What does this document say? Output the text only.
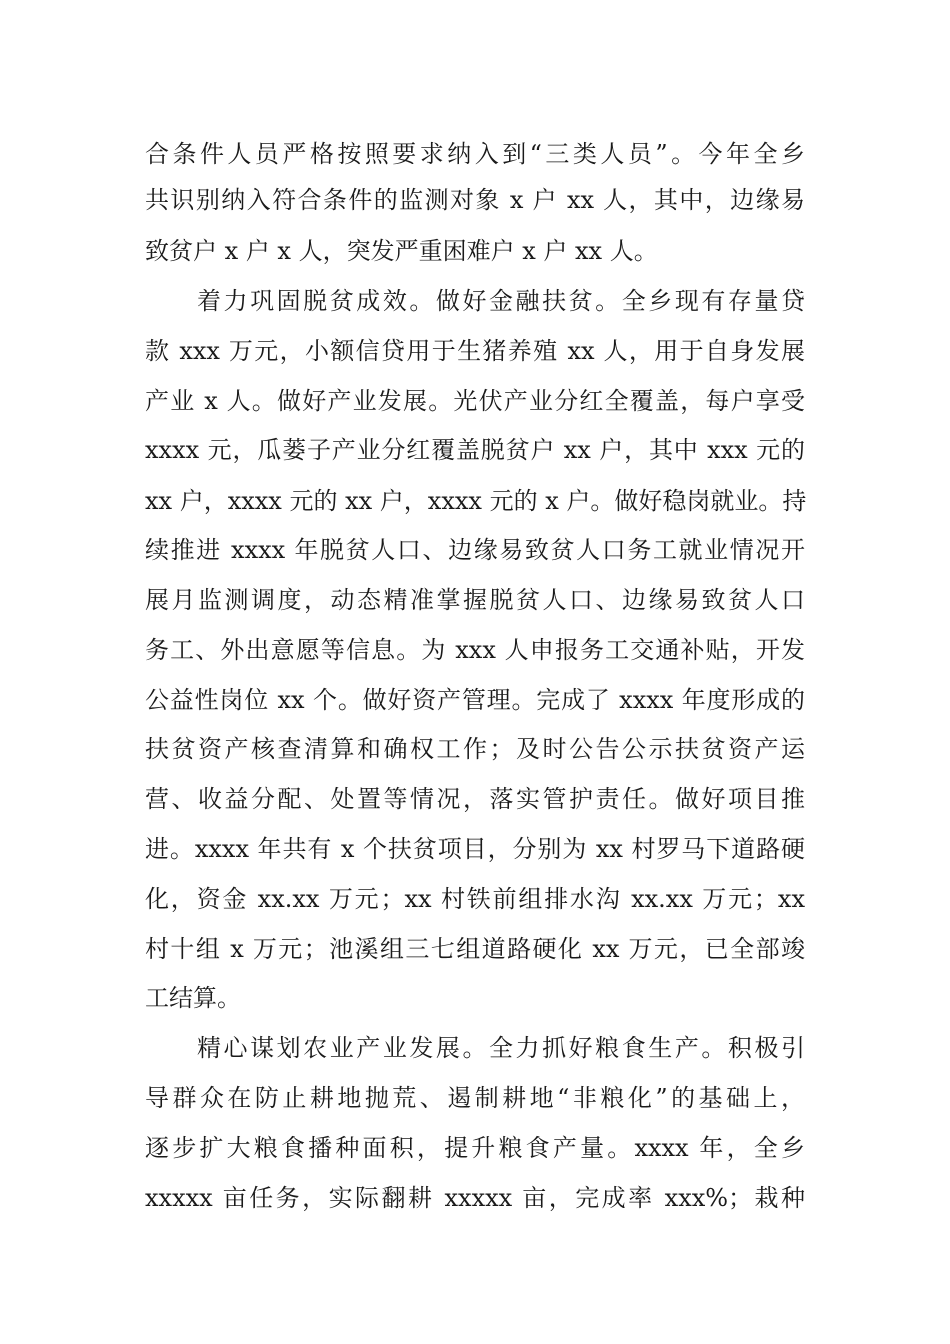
合条件人员严格按照要求纳入到“三类人员”。今年全乡
共识别纳入符合条件的监测对象 x 户 xx 人，其中，边缘易
致贫户 x 户 x 人，突发严重困难户 x 户 xx 人。
着力巩固脱贫成效。做好金融扶贫。全乡现有存量贷
款 xxx 万元，小额信贷用于生猪养殖 xx 人，用于自身发展
产业 x 人。做好产业发展。光伏产业分红全覆盖，每户享受
xxxx 元，瓜蒌子产业分红覆盖脱贫户 xx 户，其中 xxx 元的
xx 户，xxxx 元的 xx 户，xxxx 元的 x 户。做好稳岗就业。持
续推进 xxxx 年脱贫人口、边缘易致贫人口务工就业情况开
展月监测调度，动态精准掌握脱贫人口、边缘易致贫人口
务工、外出意愿等信息。为 xxx 人申报务工交通补贴，开发
公益性岗位 xx 个。做好资产管理。完成了 xxxx 年度形成的
扶贫资产核查清算和确权工作；及时公告公示扶贫资产运
营、收益分配、处置等情况，落实管护责任。做好项目推
进。xxxx 年共有 x 个扶贫项目，分别为 xx 村罗马下道路硬
化，资金 xx.xx 万元；xx 村铁前组排水沟 xx.xx 万元；xx
村十组 x 万元；池溪组三七组道路硬化 xx 万元，已全部竣
工结算。
精心谋划农业产业发展。全力抓好粮食生产。积极引
导群众在防止耕地抛荒、遏制耕地“非粮化”的基础上，
逐步扩大粮食播种面积，提升粮食产量。xxxx 年，全乡
xxxxx 亩任务，实际翻耕 xxxxx 亩，完成率 xxx%；栽种
